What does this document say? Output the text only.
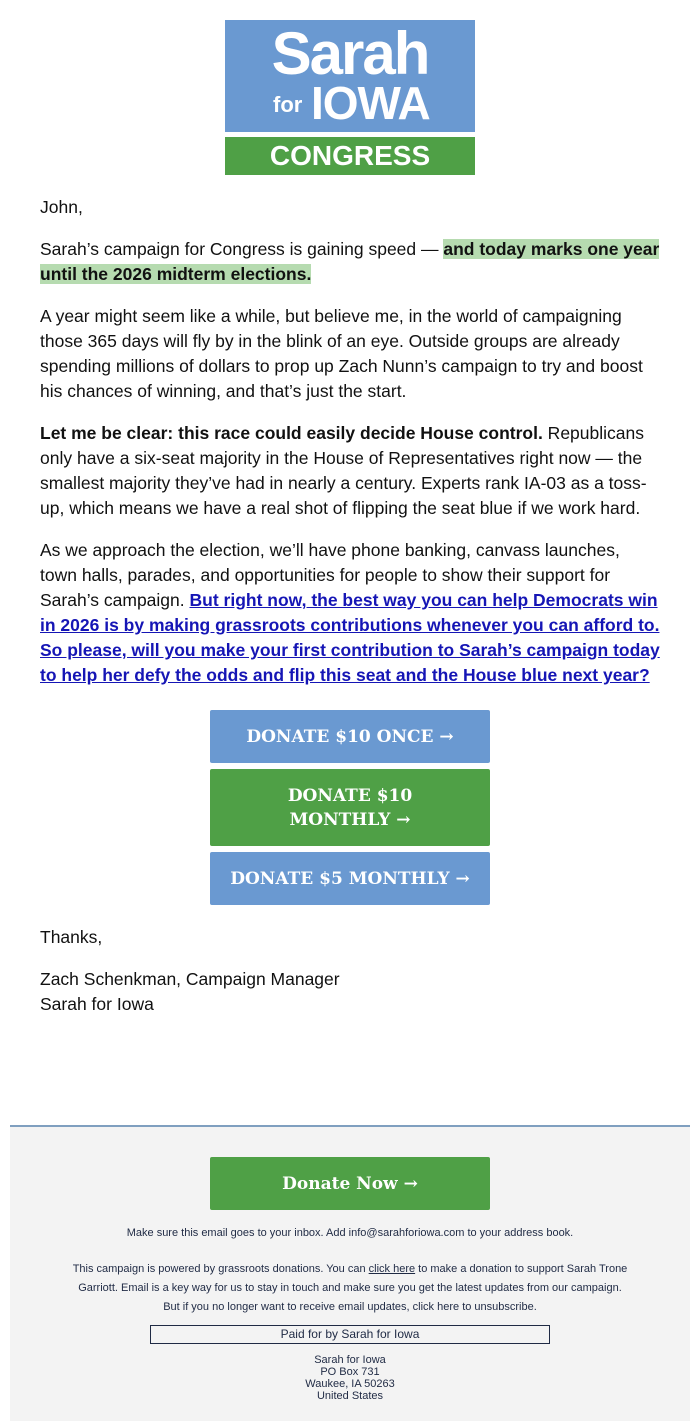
Sarah
for IOWA
CONGRESS

John,

Sarah’s campaign for Congress is gaining speed — and today marks one year until the 2026 midterm elections.

A year might seem like a while, but believe me, in the world of campaigning those 365 days will fly by in the blink of an eye. Outside groups are already spending millions of dollars to prop up Zach Nunn’s campaign to try and boost his chances of winning, and that’s just the start.

Let me be clear: this race could easily decide House control. Republicans only have a six-seat majority in the House of Representatives right now — the smallest majority they’ve had in nearly a century. Experts rank IA-03 as a toss-up, which means we have a real shot of flipping the seat blue if we work hard.

As we approach the election, we’ll have phone banking, canvass launches, town halls, parades, and opportunities for people to show their support for Sarah’s campaign. But right now, the best way you can help Democrats win in 2026 is by making grassroots contributions whenever you can afford to. So please, will you make your first contribution to Sarah’s campaign today to help her defy the odds and flip this seat and the House blue next year?

DONATE $10 ONCE →
DONATE $10 MONTHLY →
DONATE $5 MONTHLY →

Thanks,

Zach Schenkman, Campaign Manager
Sarah for Iowa

Donate Now →

Make sure this email goes to your inbox. Add info@sarahforiowa.com to your address book.

This campaign is powered by grassroots donations. You can click here to make a donation to support Sarah Trone Garriott. Email is a key way for us to stay in touch and make sure you get the latest updates from our campaign. But if you no longer want to receive email updates, click here to unsubscribe.

Paid for by Sarah for Iowa
Sarah for Iowa
PO Box 731
Waukee, IA 50263
United States
